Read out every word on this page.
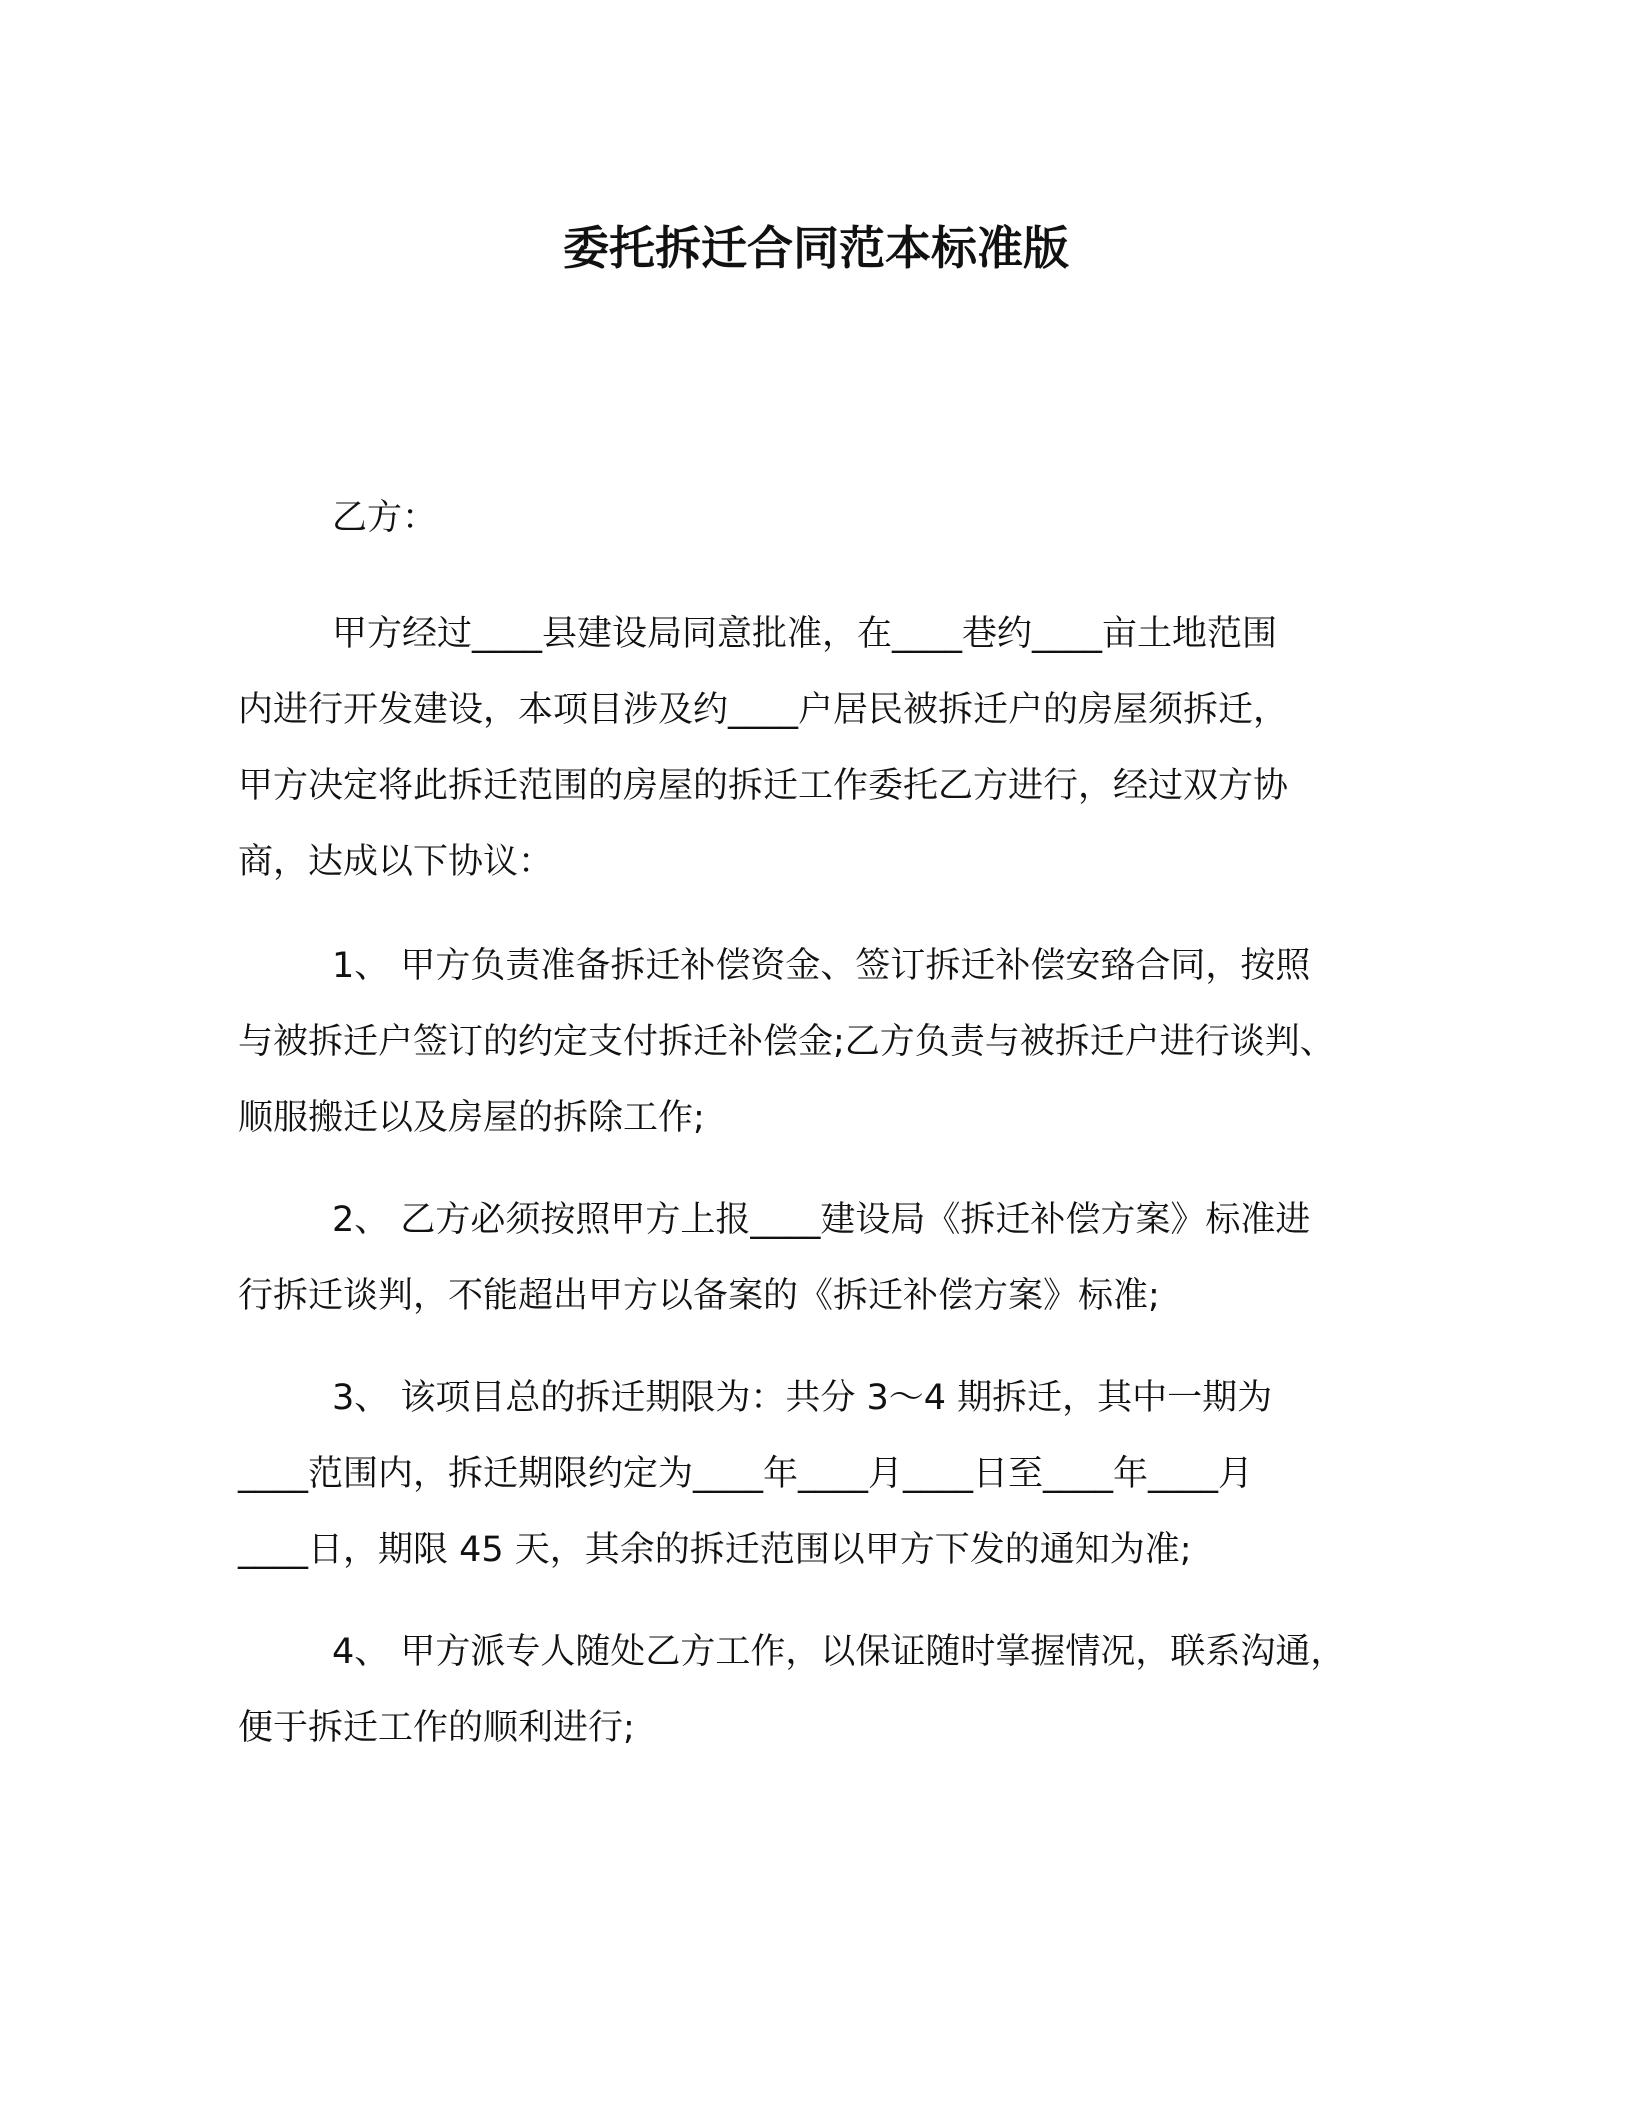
委托拆迁合同范本标准版
乙方：
甲方经过____县建设局同意批准，在____巷约____亩土地范围
内进行开发建设，本项目涉及约____户居民被拆迁户的房屋须拆迁，
甲方决定将此拆迁范围的房屋的拆迁工作委托乙方进行，经过双方协
商，达成以下协议：
1、 甲方负责准备拆迁补偿资金、签订拆迁补偿安臵合同，按照
与被拆迁户签订的约定支付拆迁补偿金;乙方负责与被拆迁户进行谈判、
顺服搬迁以及房屋的拆除工作;
2、 乙方必须按照甲方上报____建设局《拆迁补偿方案》标准进
行拆迁谈判，不能超出甲方以备案的《拆迁补偿方案》标准;
3、 该项目总的拆迁期限为：共分 3～4 期拆迁，其中一期为
____范围内，拆迁期限约定为____年____月____日至____年____月
____日，期限 45 天，其余的拆迁范围以甲方下发的通知为准;
4、 甲方派专人随处乙方工作，以保证随时掌握情况，联系沟通，
便于拆迁工作的顺利进行;
